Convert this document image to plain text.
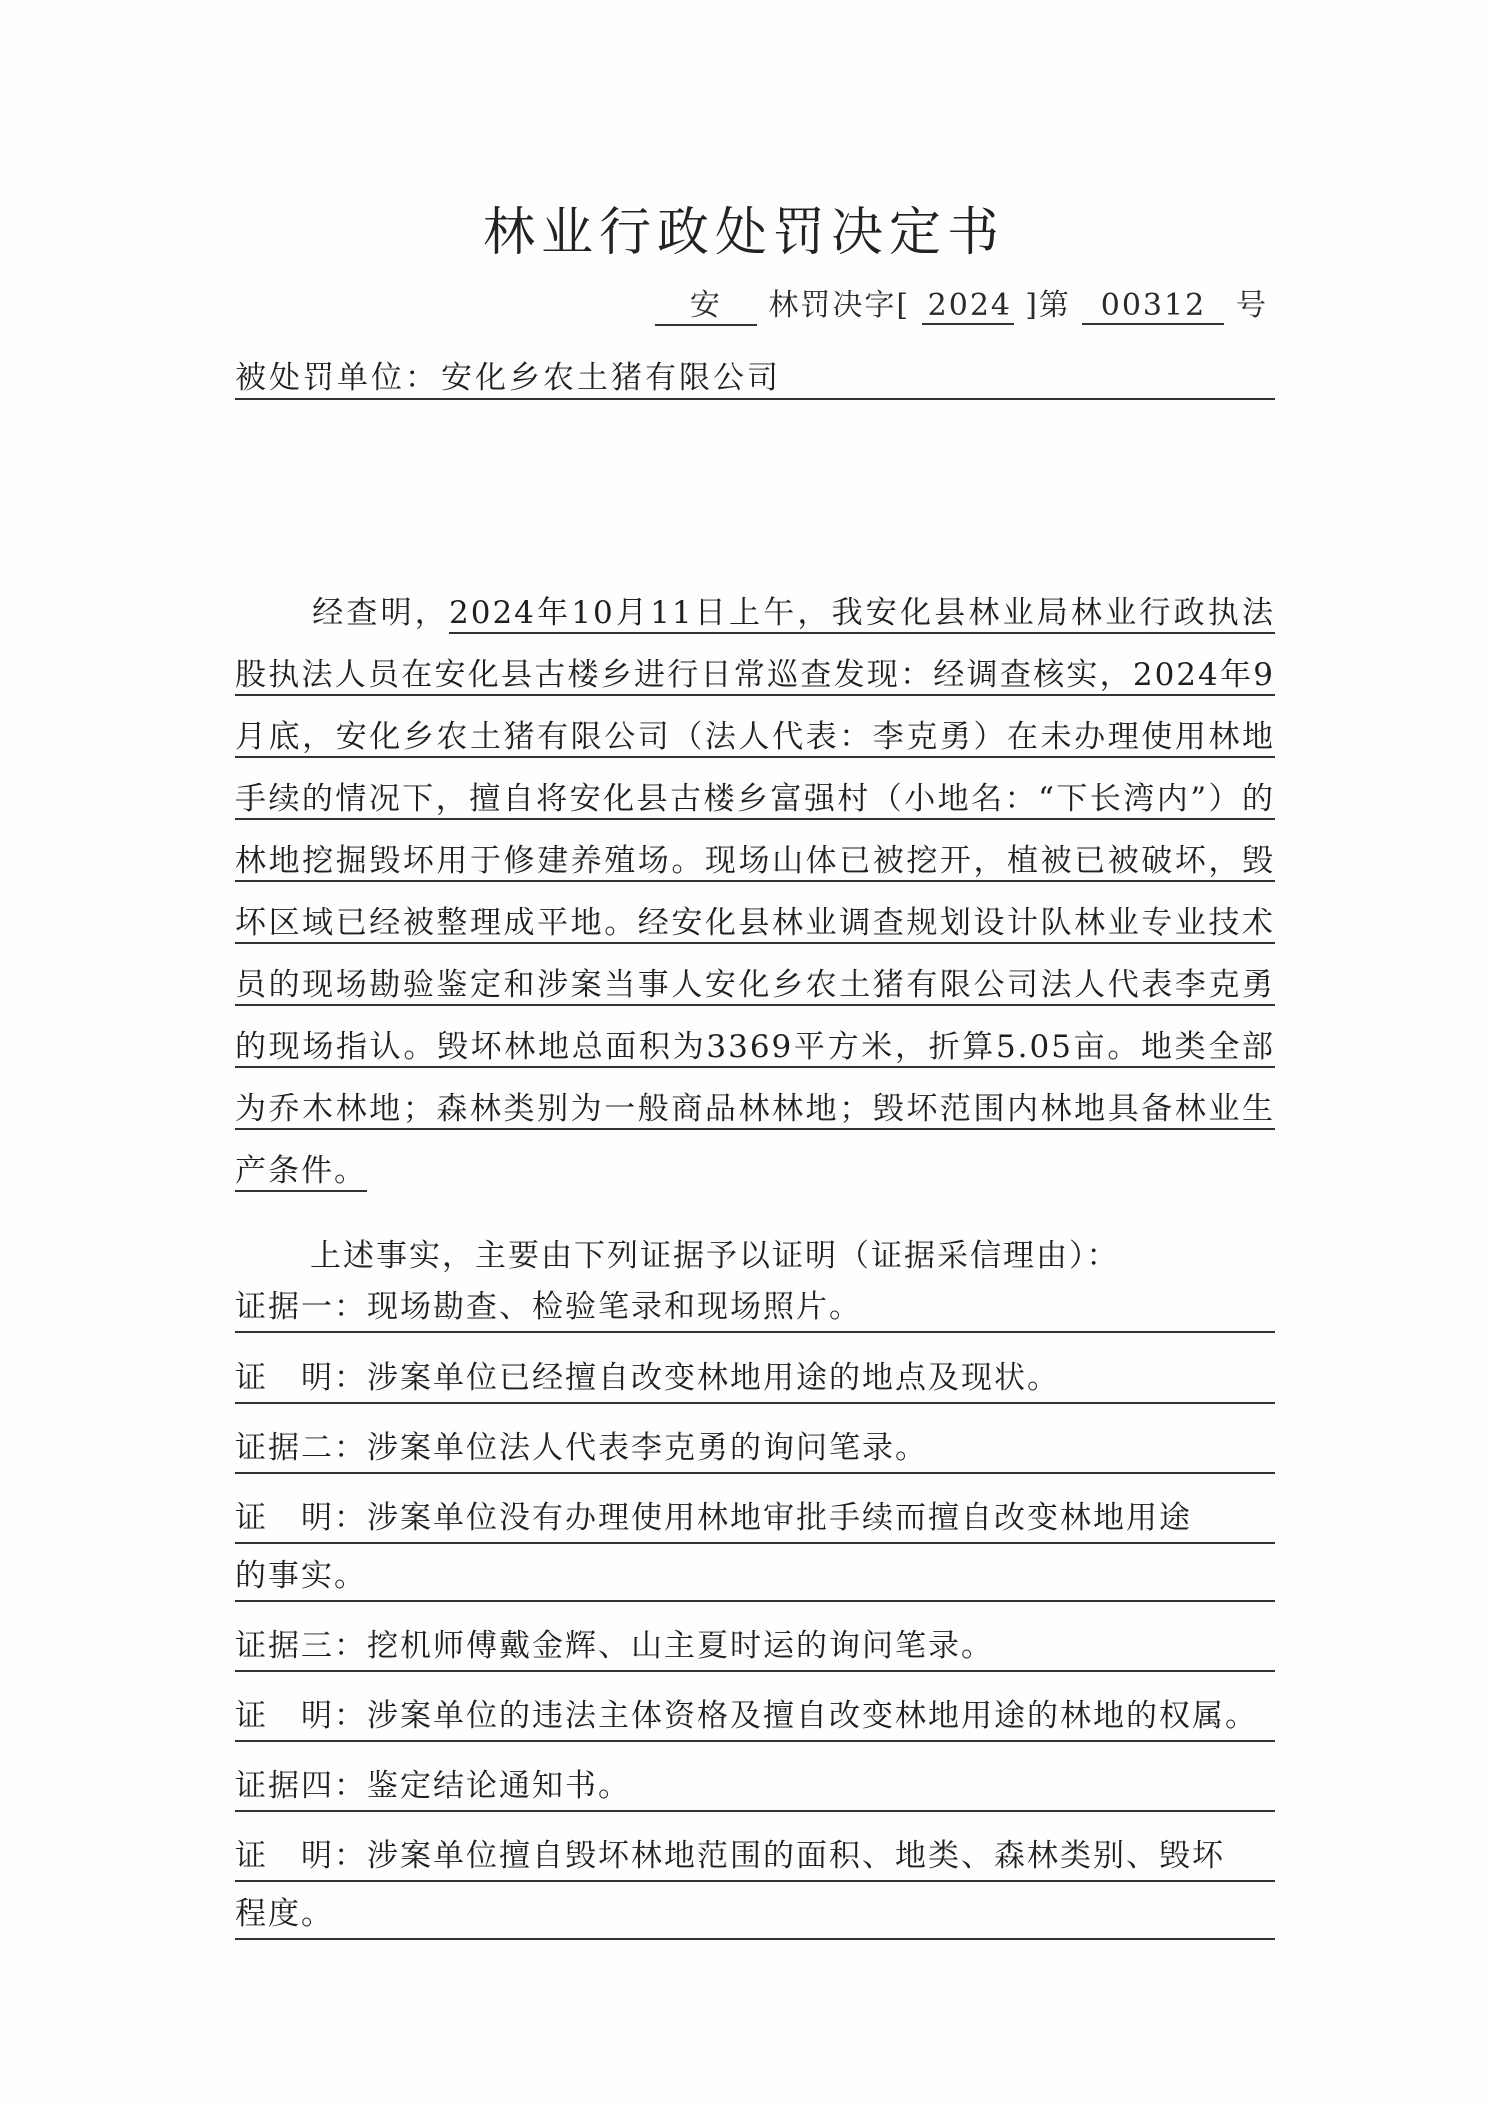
林业行政处罚决定书
安 林罚决字[ 2024 ]第 00312 号
被处罚单位：安化乡农土猪有限公司
经查明，2024年10月11日上午，我安化县林业局林业行政执法股执法人员在安化县古楼乡进行日常巡查发现：经调查核实，2024年9月底，安化乡农土猪有限公司（法人代表：李克勇）在未办理使用林地手续的情况下，擅自将安化县古楼乡富强村（小地名：“下长湾内”）的林地挖掘毁坏用于修建养殖场。现场山体已被挖开，植被已被破坏，毁坏区域已经被整理成平地。经安化县林业调查规划设计队林业专业技术员的现场勘验鉴定和涉案当事人安化乡农土猪有限公司法人代表李克勇的现场指认。毁坏林地总面积为3369平方米，折算5.05亩。地类全部为乔木林地；森林类别为一般商品林林地；毁坏范围内林地具备林业生产条件。
上述事实，主要由下列证据予以证明（证据采信理由）：
证据一：现场勘查、检验笔录和现场照片。
证　明：涉案单位已经擅自改变林地用途的地点及现状。
证据二：涉案单位法人代表李克勇的询问笔录。
证　明：涉案单位没有办理使用林地审批手续而擅自改变林地用途
的事实。
证据三：挖机师傅戴金辉、山主夏时运的询问笔录。
证　明：涉案单位的违法主体资格及擅自改变林地用途的林地的权属。
证据四：鉴定结论通知书。
证　明：涉案单位擅自毁坏林地范围的面积、地类、森林类别、毁坏
程度。
